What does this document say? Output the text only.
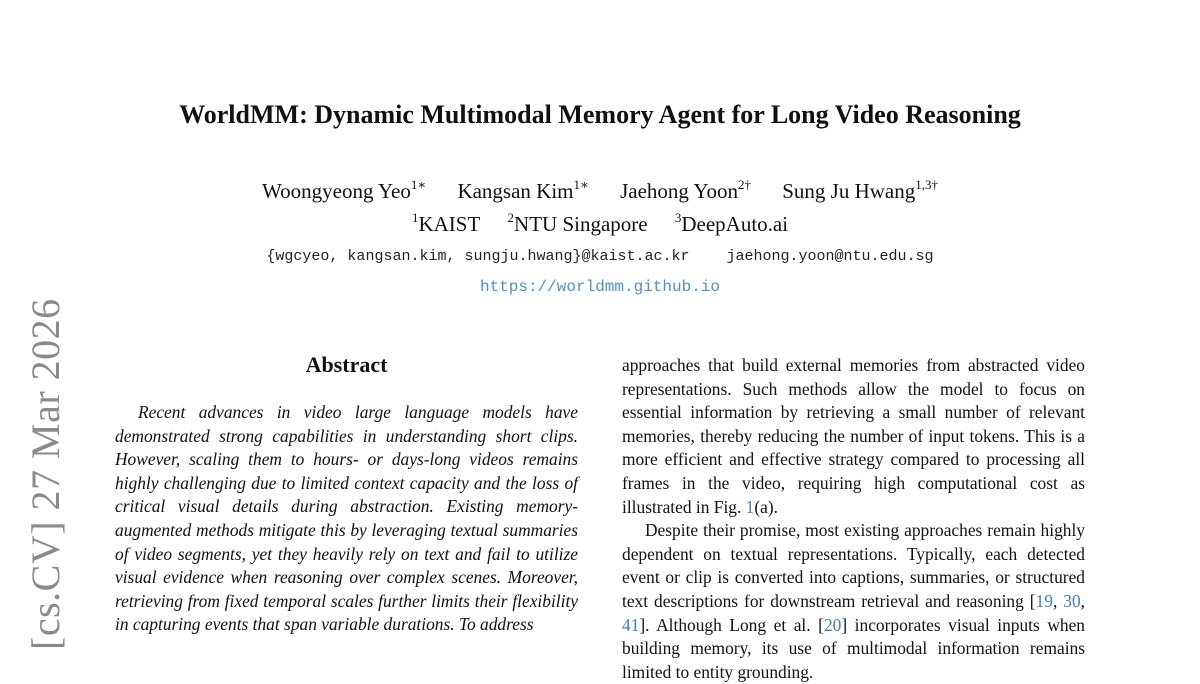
[cs.CV] 27 Mar 2026
WorldMM: Dynamic Multimodal Memory Agent for Long Video Reasoning
Woongyeong Yeo$^{1∗}$ Kangsan Kim$^{1∗}$ Jaehong Yoon$^{2\dagger}$ Sung Ju Hwang$^{1,3\dagger}$
$^1$KAIST $^2$NTU Singapore $^3$DeepAuto.ai
{wgcyeo, kangsan.kim, sungju.hwang}@kaist.ac.kr jaehong.yoon@ntu.edu.sg
https://worldmm.github.io
Abstract

Recent advances in video large language models have demonstrated strong capabilities in understanding short clips. However, scaling them to hours- or days-long videos remains highly challenging due to limited context capacity and the loss of critical visual details during abstraction. Existing memory-augmented methods mitigate this by leveraging textual summaries of video segments, yet they heavily rely on text and fail to utilize visual evidence when reasoning over complex scenes. Moreover, retrieving from fixed temporal scales further limits their flexibility in capturing events that span variable durations. To address

approaches that build external memories from abstracted video representations. Such methods allow the model to focus on essential information by retrieving a small number of relevant memories, thereby reducing the number of input tokens. This is a more efficient and effective strategy compared to processing all frames in the video, requiring high computational cost as illustrated in Fig. 1(a).

Despite their promise, most existing approaches remain highly dependent on textual representations. Typically, each detected event or clip is converted into captions, summaries, or structured text descriptions for downstream retrieval and reasoning [19, 30, 41]. Although Long et al. [20] incorporates visual inputs when building memory, its use of multimodal information remains limited to entity grounding.
